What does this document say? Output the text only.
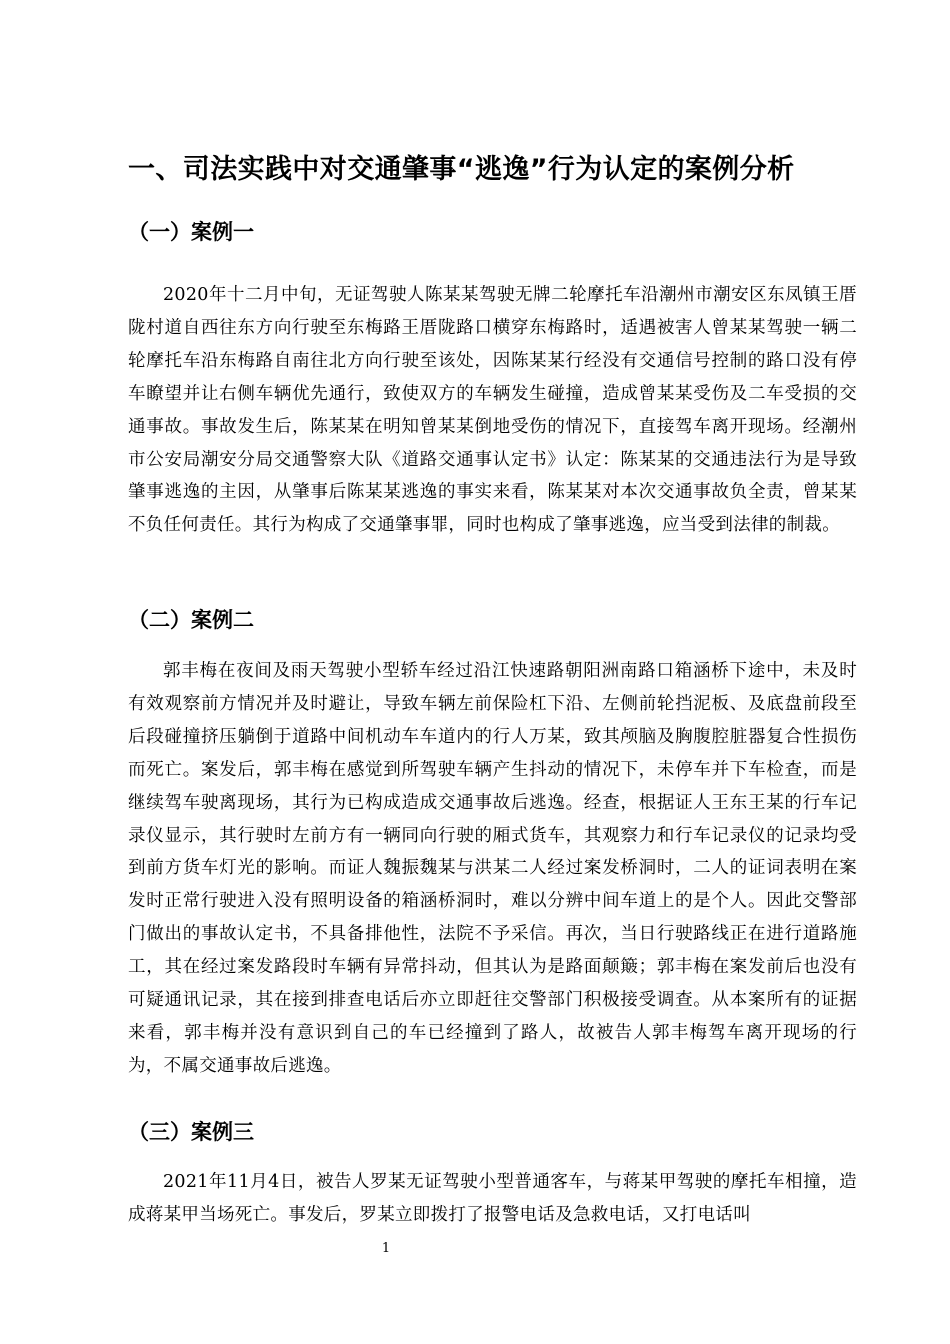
一、司法实践中对交通肇事“逃逸”行为认定的案例分析
（一）案例一

2020年十二月中旬，无证驾驶人陈某某驾驶无牌二轮摩托车沿潮州市潮安区东凤镇王厝陇村道自西往东方向行驶至东梅路王厝陇路口横穿东梅路时，适遇被害人曾某某驾驶一辆二轮摩托车沿东梅路自南往北方向行驶至该处，因陈某某行经没有交通信号控制的路口没有停车瞭望并让右侧车辆优先通行，致使双方的车辆发生碰撞，造成曾某某受伤及二车受损的交通事故。事故发生后，陈某某在明知曾某某倒地受伤的情况下，直接驾车离开现场。经潮州市公安局潮安分局交通警察大队《道路交通事认定书》认定：陈某某的交通违法行为是导致肇事逃逸的主因，从肇事后陈某某逃逸的事实来看，陈某某对本次交通事故负全责，曾某某不负任何责任。其行为构成了交通肇事罪，同时也构成了肇事逃逸，应当受到法律的制裁。

（二）案例二

郭丰梅在夜间及雨天驾驶小型轿车经过沿江快速路朝阳洲南路口箱涵桥下途中，未及时有效观察前方情况并及时避让，导致车辆左前保险杠下沿、左侧前轮挡泥板、及底盘前段至后段碰撞挤压躺倒于道路中间机动车车道内的行人万某，致其颅脑及胸腹腔脏器复合性损伤而死亡。案发后，郭丰梅在感觉到所驾驶车辆产生抖动的情况下，未停车并下车检查，而是继续驾车驶离现场，其行为已构成造成交通事故后逃逸。经查，根据证人王东王某的行车记录仪显示，其行驶时左前方有一辆同向行驶的厢式货车，其观察力和行车记录仪的记录均受到前方货车灯光的影响。而证人魏振魏某与洪某二人经过案发桥洞时，二人的证词表明在案发时正常行驶进入没有照明设备的箱涵桥洞时，难以分辨中间车道上的是个人。因此交警部门做出的事故认定书，不具备排他性，法院不予采信。再次，当日行驶路线正在进行道路施工，其在经过案发路段时车辆有异常抖动，但其认为是路面颠簸；郭丰梅在案发前后也没有可疑通讯记录，其在接到排查电话后亦立即赶往交警部门积极接受调查。从本案所有的证据来看，郭丰梅并没有意识到自己的车已经撞到了路人，故被告人郭丰梅驾车离开现场的行为，不属交通事故后逃逸。

（三）案例三

2021年11月4日，被告人罗某无证驾驶小型普通客车，与蒋某甲驾驶的摩托车相撞，造成蒋某甲当场死亡。事发后，罗某立即拨打了报警电话及急救电话，又打电话叫

1
